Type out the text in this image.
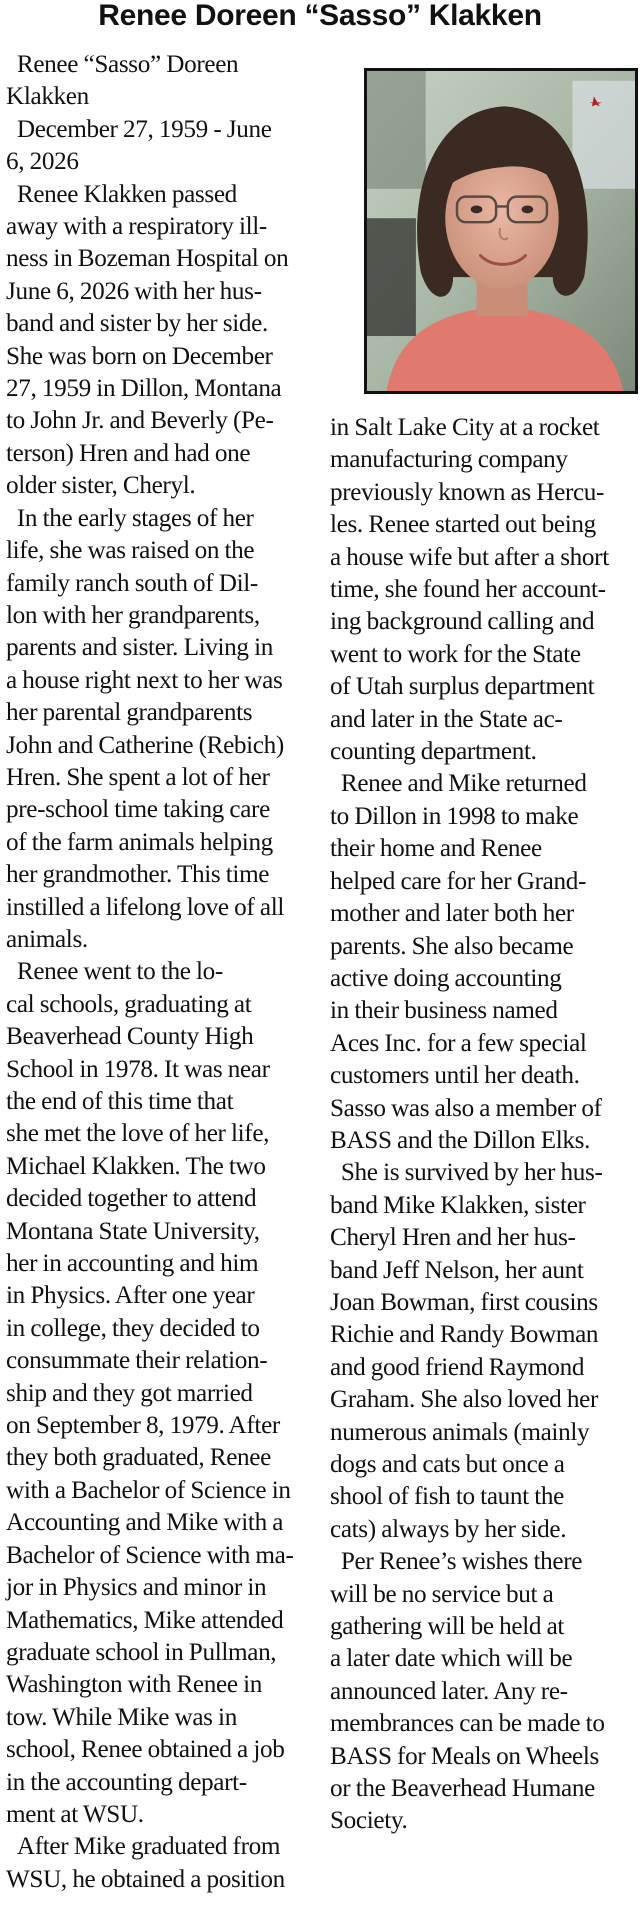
Renee Doreen “Sasso” Klakken
Renee “Sasso” Doreen
Klakken
December 27, 1959 - June
6, 2026
Renee Klakken passed
away with a respiratory ill-
ness in Bozeman Hospital on
June 6, 2026 with her hus-
band and sister by her side.
She was born on December
27, 1959 in Dillon, Montana
to John Jr. and Beverly (Pe-
terson) Hren and had one
older sister, Cheryl.
In the early stages of her
life, she was raised on the
family ranch south of Dil-
lon with her grandparents,
parents and sister. Living in
a house right next to her was
her parental grandparents
John and Catherine (Rebich)
Hren. She spent a lot of her
pre-school time taking care
of the farm animals helping
her grandmother. This time
instilled a lifelong love of all
animals.
Renee went to the lo-
cal schools, graduating at
Beaverhead County High
School in 1978. It was near
the end of this time that
she met the love of her life,
Michael Klakken. The two
decided together to attend
Montana State University,
her in accounting and him
in Physics. After one year
in college, they decided to
consummate their relation-
ship and they got married
on September 8, 1979. After
they both graduated, Renee
with a Bachelor of Science in
Accounting and Mike with a
Bachelor of Science with ma-
jor in Physics and minor in
Mathematics, Mike attended
graduate school in Pullman,
Washington with Renee in
tow. While Mike was in
school, Renee obtained a job
in the accounting depart-
ment at WSU.
After Mike graduated from
WSU, he obtained a position
in Salt Lake City at a rocket
manufacturing company
previously known as Hercu-
les. Renee started out being
a house wife but after a short
time, she found her account-
ing background calling and
went to work for the State
of Utah surplus department
and later in the State ac-
counting department.
Renee and Mike returned
to Dillon in 1998 to make
their home and Renee
helped care for her Grand-
mother and later both her
parents. She also became
active doing accounting
in their business named
Aces Inc. for a few special
customers until her death.
Sasso was also a member of
BASS and the Dillon Elks.
She is survived by her hus-
band Mike Klakken, sister
Cheryl Hren and her hus-
band Jeff Nelson, her aunt
Joan Bowman, first cousins
Richie and Randy Bowman
and good friend Raymond
Graham. She also loved her
numerous animals (mainly
dogs and cats but once a
shool of fish to taunt the
cats) always by her side.
Per Renee’s wishes there
will be no service but a
gathering will be held at
a later date which will be
announced later. Any re-
membrances can be made to
BASS for Meals on Wheels
or the Beaverhead Humane
Society.
